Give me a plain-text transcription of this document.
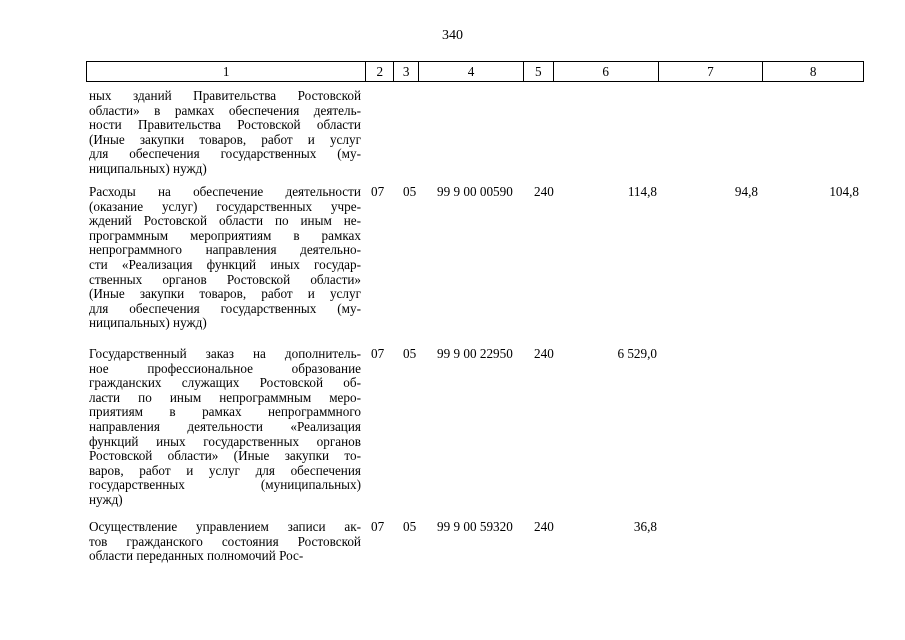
340
1	2	3	4	5	6	7	8
ных зданий Правительства Ростовской
области» в рамках обеспечения деятель-
ности Правительства Ростовской области
(Иные закупки товаров, работ и услуг
для обеспечения государственных (му-
ниципальных) нужд)
Расходы на обеспечение деятельности
(оказание услуг) государственных учре-
ждений Ростовской области по иным не-
программным мероприятиям в рамках
непрограммного направления деятельно-
сти «Реализация функций иных государ-
ственных органов Ростовской области»
(Иные закупки товаров, работ и услуг
для обеспечения государственных (му-
ниципальных) нужд)
07 05 99 9 00 00590 240	114,8	94,8	104,8
Государственный заказ на дополнитель-
ное профессиональное образование
гражданских служащих Ростовской об-
ласти по иным непрограммным меро-
приятиям в рамках непрограммного
направления деятельности «Реализация
функций иных государственных органов
Ростовской области» (Иные закупки то-
варов, работ и услуг для обеспечения
государственных (муниципальных)
нужд)
07 05 99 9 00 22950 240	6 529,0
Осуществление управлением записи ак-
тов гражданского состояния Ростовской
области переданных полномочий Рос-
07 05 99 9 00 59320 240	36,8
